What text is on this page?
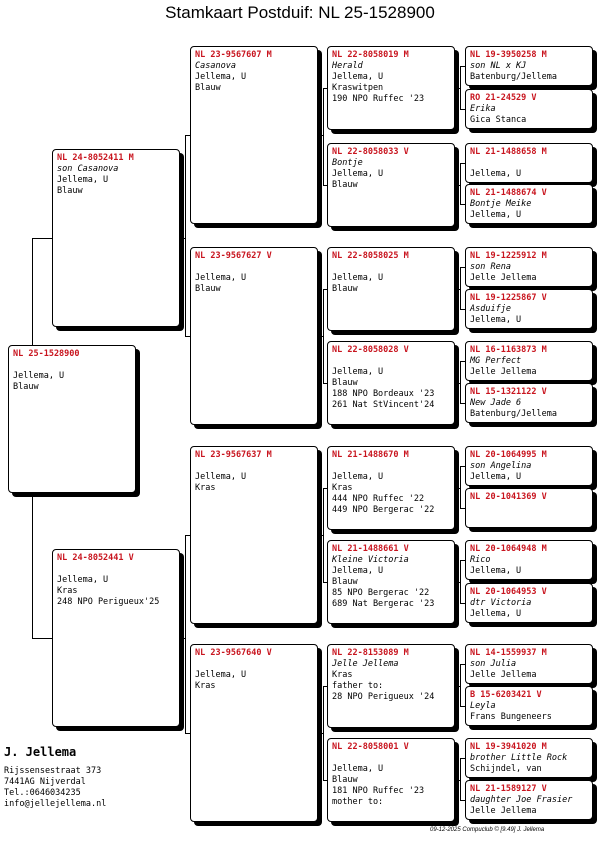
Stamkaart Postduif: NL 25-1528900
NL 25-1528900

Jellema, U
Blauw
NL 24-8052411 M
son Casanova
Jellema, U
Blauw
NL 24-8052441 V

Jellema, U
Kras
248 NPO Perigueux'25
NL 23-9567607 M
Casanova
Jellema, U
Blauw
NL 23-9567627 V

Jellema, U
Blauw
NL 23-9567637 M

Jellema, U
Kras
NL 23-9567640 V

Jellema, U
Kras
NL 22-8058019 M
Herald
Jellema, U
Kraswitpen
190 NPO Ruffec '23
NL 22-8058033 V
Bontje
Jellema, U
Blauw
NL 22-8058025 M

Jellema, U
Blauw
NL 22-8058028 V

Jellema, U
Blauw
188 NPO Bordeaux '23
261 Nat StVincent'24
NL 21-1488670 M

Jellema, U
Kras
444 NPO Ruffec '22
449 NPO Bergerac '22
NL 21-1488661 V
Kleine Victoria
Jellema, U
Blauw
85 NPO Bergerac '22
689 Nat Bergerac '23
NL 22-8153089 M
Jelle Jellema
Kras
father to:
28 NPO Perigueux '24
NL 22-8058001 V

Jellema, U
Blauw
181 NPO Ruffec '23
mother to:
NL 19-3950258 M
son NL x KJ
Batenburg/Jellema
RO 21-24529 V
Erika
Gica Stanca
NL 21-1488658 M

Jellema, U
NL 21-1488674 V
Bontje Meike
Jellema, U
NL 19-1225912 M
son Rena
Jelle Jellema
NL 19-1225867 V
Asduifje
Jellema, U
NL 16-1163873 M
MG Perfect
Jelle Jellema
NL 15-1321122 V
New Jade 6
Batenburg/Jellema
NL 20-1064995 M
son Angelina
Jellema, U
NL 20-1041369 V

NL 20-1064948 M
Rico
Jellema, U
NL 20-1064953 V
dtr Victoria
Jellema, U
NL 14-1559937 M
son Julia
Jelle Jellema
B 15-6203421 V
Leyla
Frans Bungeneers
NL 19-3941020 M
brother Little Rock
Schijndel, van
NL 21-1589127 V
daughter Joe Frasier
Jelle Jellema
J. Jellema
Rijssensestraat 373
7441AG Nijverdal
Tel.:0646034235
info@jellejellema.nl
09-12-2025 Compuclub © [9.49] J. Jellema
